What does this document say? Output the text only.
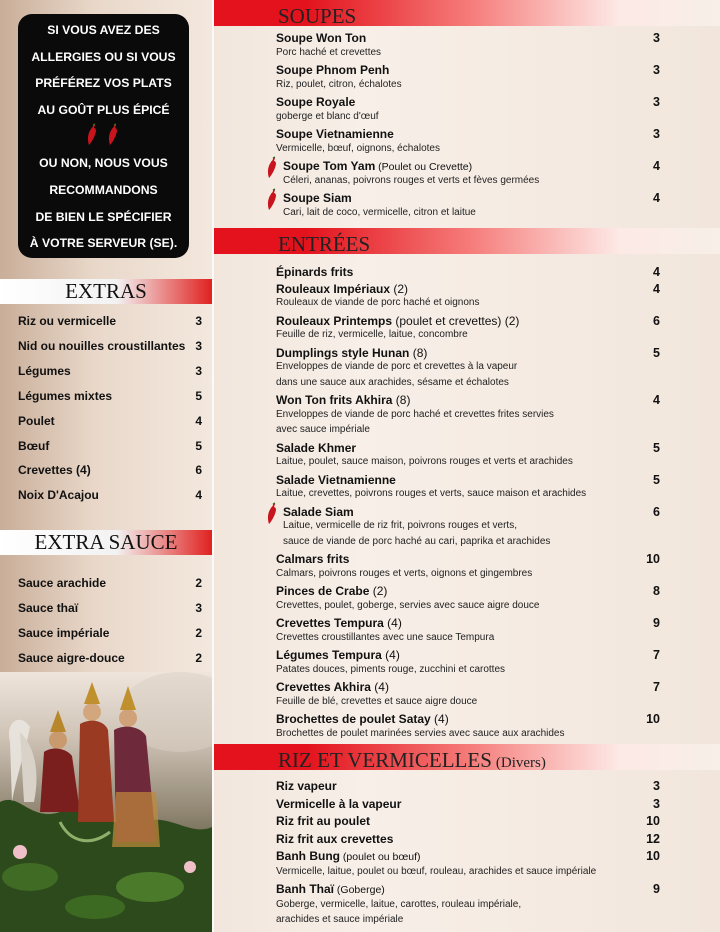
SI VOUS AVEZ DES
ALLERGIES OU SI VOUS
PRÉFÉREZ VOS PLATS
AU GOÛT PLUS ÉPICÉ

OU NON, NOUS VOUS
RECOMMANDONS
DE BIEN LE SPÉCIFIER
À VOTRE SERVEUR (SE).
EXTRAS
Riz ou vermicelle	3
Nid ou nouilles croustillantes 3
Légumes	3
Légumes mixtes	5
Poulet	4
Bœuf	5
Crevettes (4)	6
Noix D'Acajou	4
EXTRA SAUCE
Sauce arachide	2
Sauce thaï	3
Sauce impériale	2
Sauce aigre-douce	2
SOUPES
Soupe Won Ton	3
Porc haché et crevettes
Soupe Phnom Penh	3
Riz, poulet, citron, échalotes
Soupe Royale	3
goberge et blanc d'œuf
Soupe Vietnamienne	3
Vermicelle, bœuf, oignons, échalotes
Soupe Tom Yam (Poulet ou Crevette)	4
Céleri, ananas, poivrons rouges et verts et fèves germées
Soupe Siam	4
Cari, lait de coco, vermicelle, citron et laitue
ENTRÉES
Épinards frits	4
Rouleaux Impériaux (2)	4
Rouleaux de viande de porc haché et oignons
Rouleaux Printemps (poulet et crevettes) (2)	6
Feuille de riz, vermicelle, laitue, concombre
Dumplings style Hunan (8)	5
Enveloppes de viande de porc et crevettes à la vapeur
dans une sauce aux arachides, sésame et échalotes
Won Ton frits Akhira (8)	4
Enveloppes de viande de porc haché et crevettes frites servies
avec sauce impériale
Salade Khmer	5
Laitue, poulet, sauce maison, poivrons rouges et verts et arachides
Salade Vietnamienne	5
Laitue, crevettes, poivrons rouges et verts, sauce maison et arachides
Salade Siam	6
Laitue, vermicelle de riz frit, poivrons rouges et verts,
sauce de viande de porc haché au cari, paprika et arachides
Calmars frits	10
Calmars, poivrons rouges et verts, oignons et gingembres
Pinces de Crabe (2)	8
Crevettes, poulet, goberge, servies avec sauce aigre douce
Crevettes Tempura (4)	9
Crevettes croustillantes avec une sauce Tempura
Légumes Tempura (4)	7
Patates douces, piments rouge, zucchini et carottes
Crevettes Akhira (4)	7
Feuille de blé, crevettes et sauce aigre douce
Brochettes de poulet Satay (4)	10
Brochettes de poulet marinées servies avec sauce aux arachides
RIZ ET VERMICELLES (Divers)
Riz vapeur	3
Vermicelle à la vapeur	3
Riz frit au poulet	10
Riz frit aux crevettes	12
Banh Bung (poulet ou bœuf)	10
Vermicelle, laitue, poulet ou bœuf, rouleau, arachides et sauce impériale
Banh Thaï (Goberge)	9
Goberge, vermicelle, laitue, carottes, rouleau impériale,
arachides et sauce impériale
